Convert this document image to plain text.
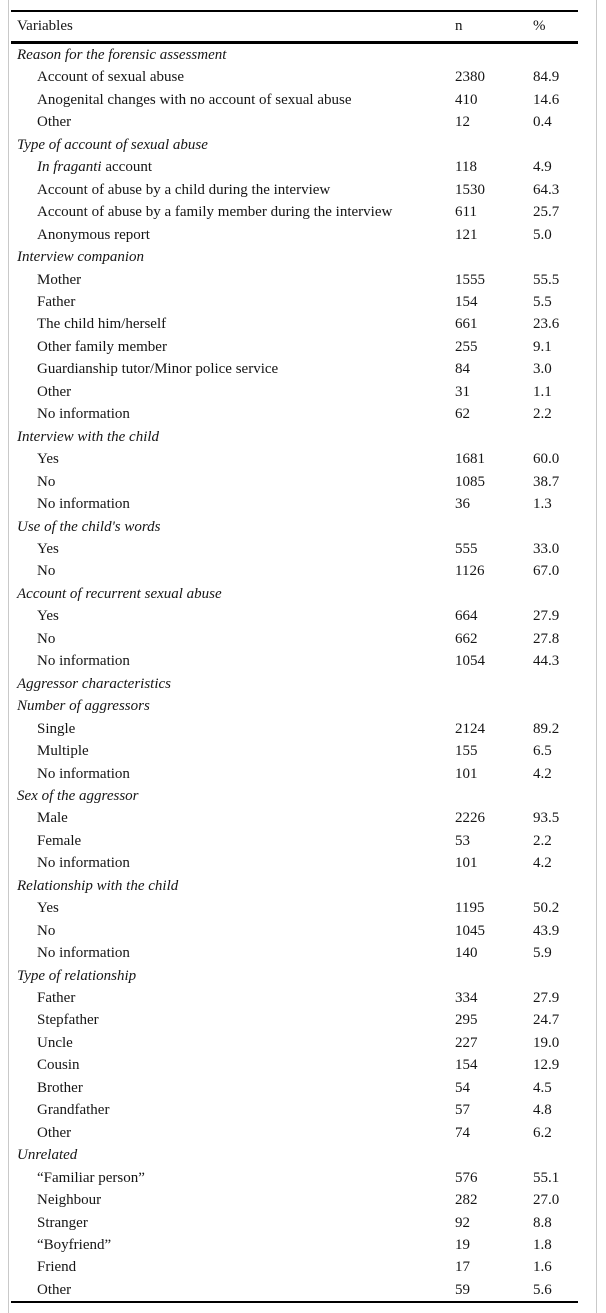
Variables	n	%
Reason for the forensic assessment
Account of sexual abuse	2380	84.9
Anogenital changes with no account of sexual abuse	410	14.6
Other	12	0.4
Type of account of sexual abuse
In fraganti account	118	4.9
Account of abuse by a child during the interview	1530	64.3
Account of abuse by a family member during the interview	611	25.7
Anonymous report	121	5.0
Interview companion
Mother	1555	55.5
Father	154	5.5
The child him/herself	661	23.6
Other family member	255	9.1
Guardianship tutor/Minor police service	84	3.0
Other	31	1.1
No information	62	2.2
Interview with the child
Yes	1681	60.0
No	1085	38.7
No information	36	1.3
Use of the child's words
Yes	555	33.0
No	1126	67.0
Account of recurrent sexual abuse
Yes	664	27.9
No	662	27.8
No information	1054	44.3
Aggressor characteristics
Number of aggressors
Single	2124	89.2
Multiple	155	6.5
No information	101	4.2
Sex of the aggressor
Male	2226	93.5
Female	53	2.2
No information	101	4.2
Relationship with the child
Yes	1195	50.2
No	1045	43.9
No information	140	5.9
Type of relationship
Father	334	27.9
Stepfather	295	24.7
Uncle	227	19.0
Cousin	154	12.9
Brother	54	4.5
Grandfather	57	4.8
Other	74	6.2
Unrelated
“Familiar person”	576	55.1
Neighbour	282	27.0
Stranger	92	8.8
“Boyfriend”	19	1.8
Friend	17	1.6
Other	59	5.6
